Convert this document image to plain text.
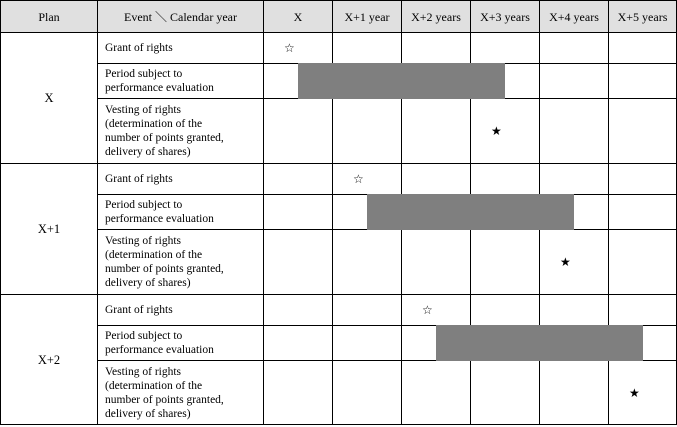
Plan	Event ＼ Calendar year	X	X+1 year	X+2 years	X+3 years	X+4 years	X+5 years
X	Grant of rights	☆					

	Period subject to
performance evaluation						

	Vesting of rights
(determination of the
number of points granted,
delivery of shares)				★		

X+1	Grant of rights		☆				

	Period subject to
performance evaluation						

	Vesting of rights
(determination of the
number of points granted,
delivery of shares)					★	

X+2	Grant of rights			☆			

	Period subject to
performance evaluation						

	Vesting of rights
(determination of the
number of points granted,
delivery of shares)						★
